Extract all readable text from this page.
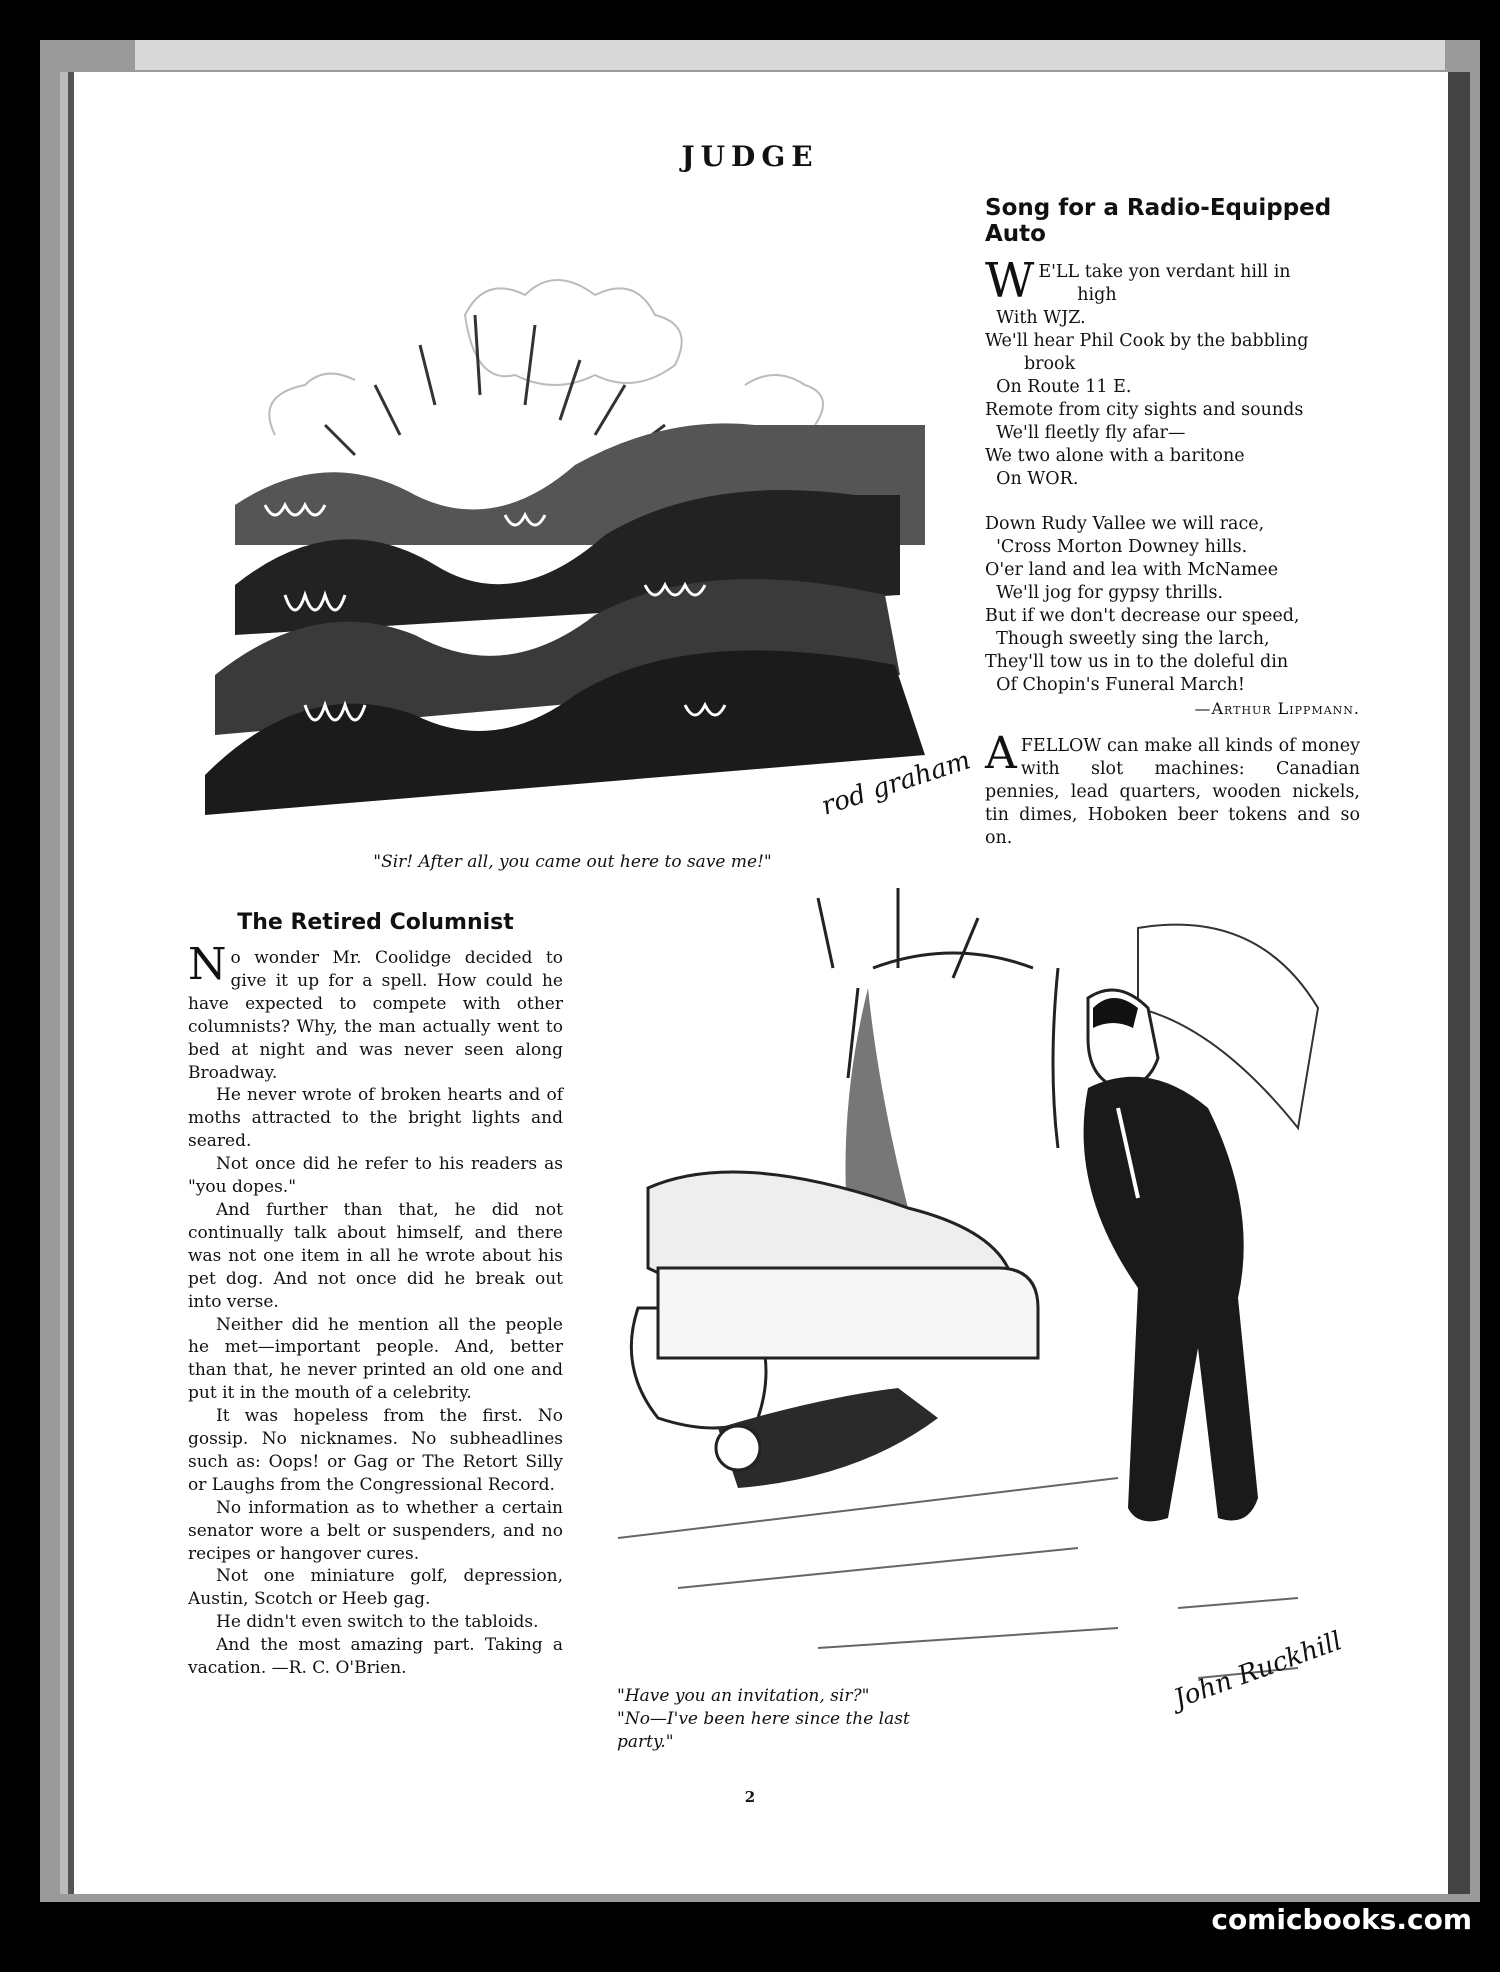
JUDGE
Song for a Radio-Equipped Auto
W E'LL take yon verdant hill in
high
With WJZ.
We'll hear Phil Cook by the babbling
brook
On Route 11 E.
Remote from city sights and sounds
We'll fleetly fly afar—
We two alone with a baritone
On WOR.
Down Rudy Vallee we will race,
'Cross Morton Downey hills.
O'er land and lea with McNamee
We'll jog for gypsy thrills.
But if we don't decrease our speed,
Though sweetly sing the larch,
They'll tow us in to the doleful din
Of Chopin's Funeral March!
—Arthur Lippmann.
A FELLOW can make all kinds of money with slot machines: Canadian pennies, lead quarters, wooden nickels, tin dimes, Hoboken beer tokens and so on.
rod graham
"Sir! After all, you came out here to save me!"
The Retired Columnist

No wonder Mr. Coolidge decided to give it up for a spell. How could he have expected to compete with other columnists? Why, the man actually went to bed at night and was never seen along Broadway.

He never wrote of broken hearts and of moths attracted to the bright lights and seared.

Not once did he refer to his readers as "you dopes."

And further than that, he did not continually talk about himself, and there was not one item in all he wrote about his pet dog. And not once did he break out into verse.

Neither did he mention all the people he met—important people. And, better than that, he never printed an old one and put it in the mouth of a celebrity.

It was hopeless from the first. No gossip. No nicknames. No subheadlines such as: Oops! or Gag or The Retort Silly or Laughs from the Congressional Record.

No information as to whether a certain senator wore a belt or suspenders, and no recipes or hangover cures.

Not one miniature golf, depression, Austin, Scotch or Heeb gag.

He didn't even switch to the tabloids.

And the most amazing part. Taking a vacation. —R. C. O'Brien.	John Ruckhill
"Have you an invitation, sir?"
"No—I've been here since the last party."
2
comicbooks.com
